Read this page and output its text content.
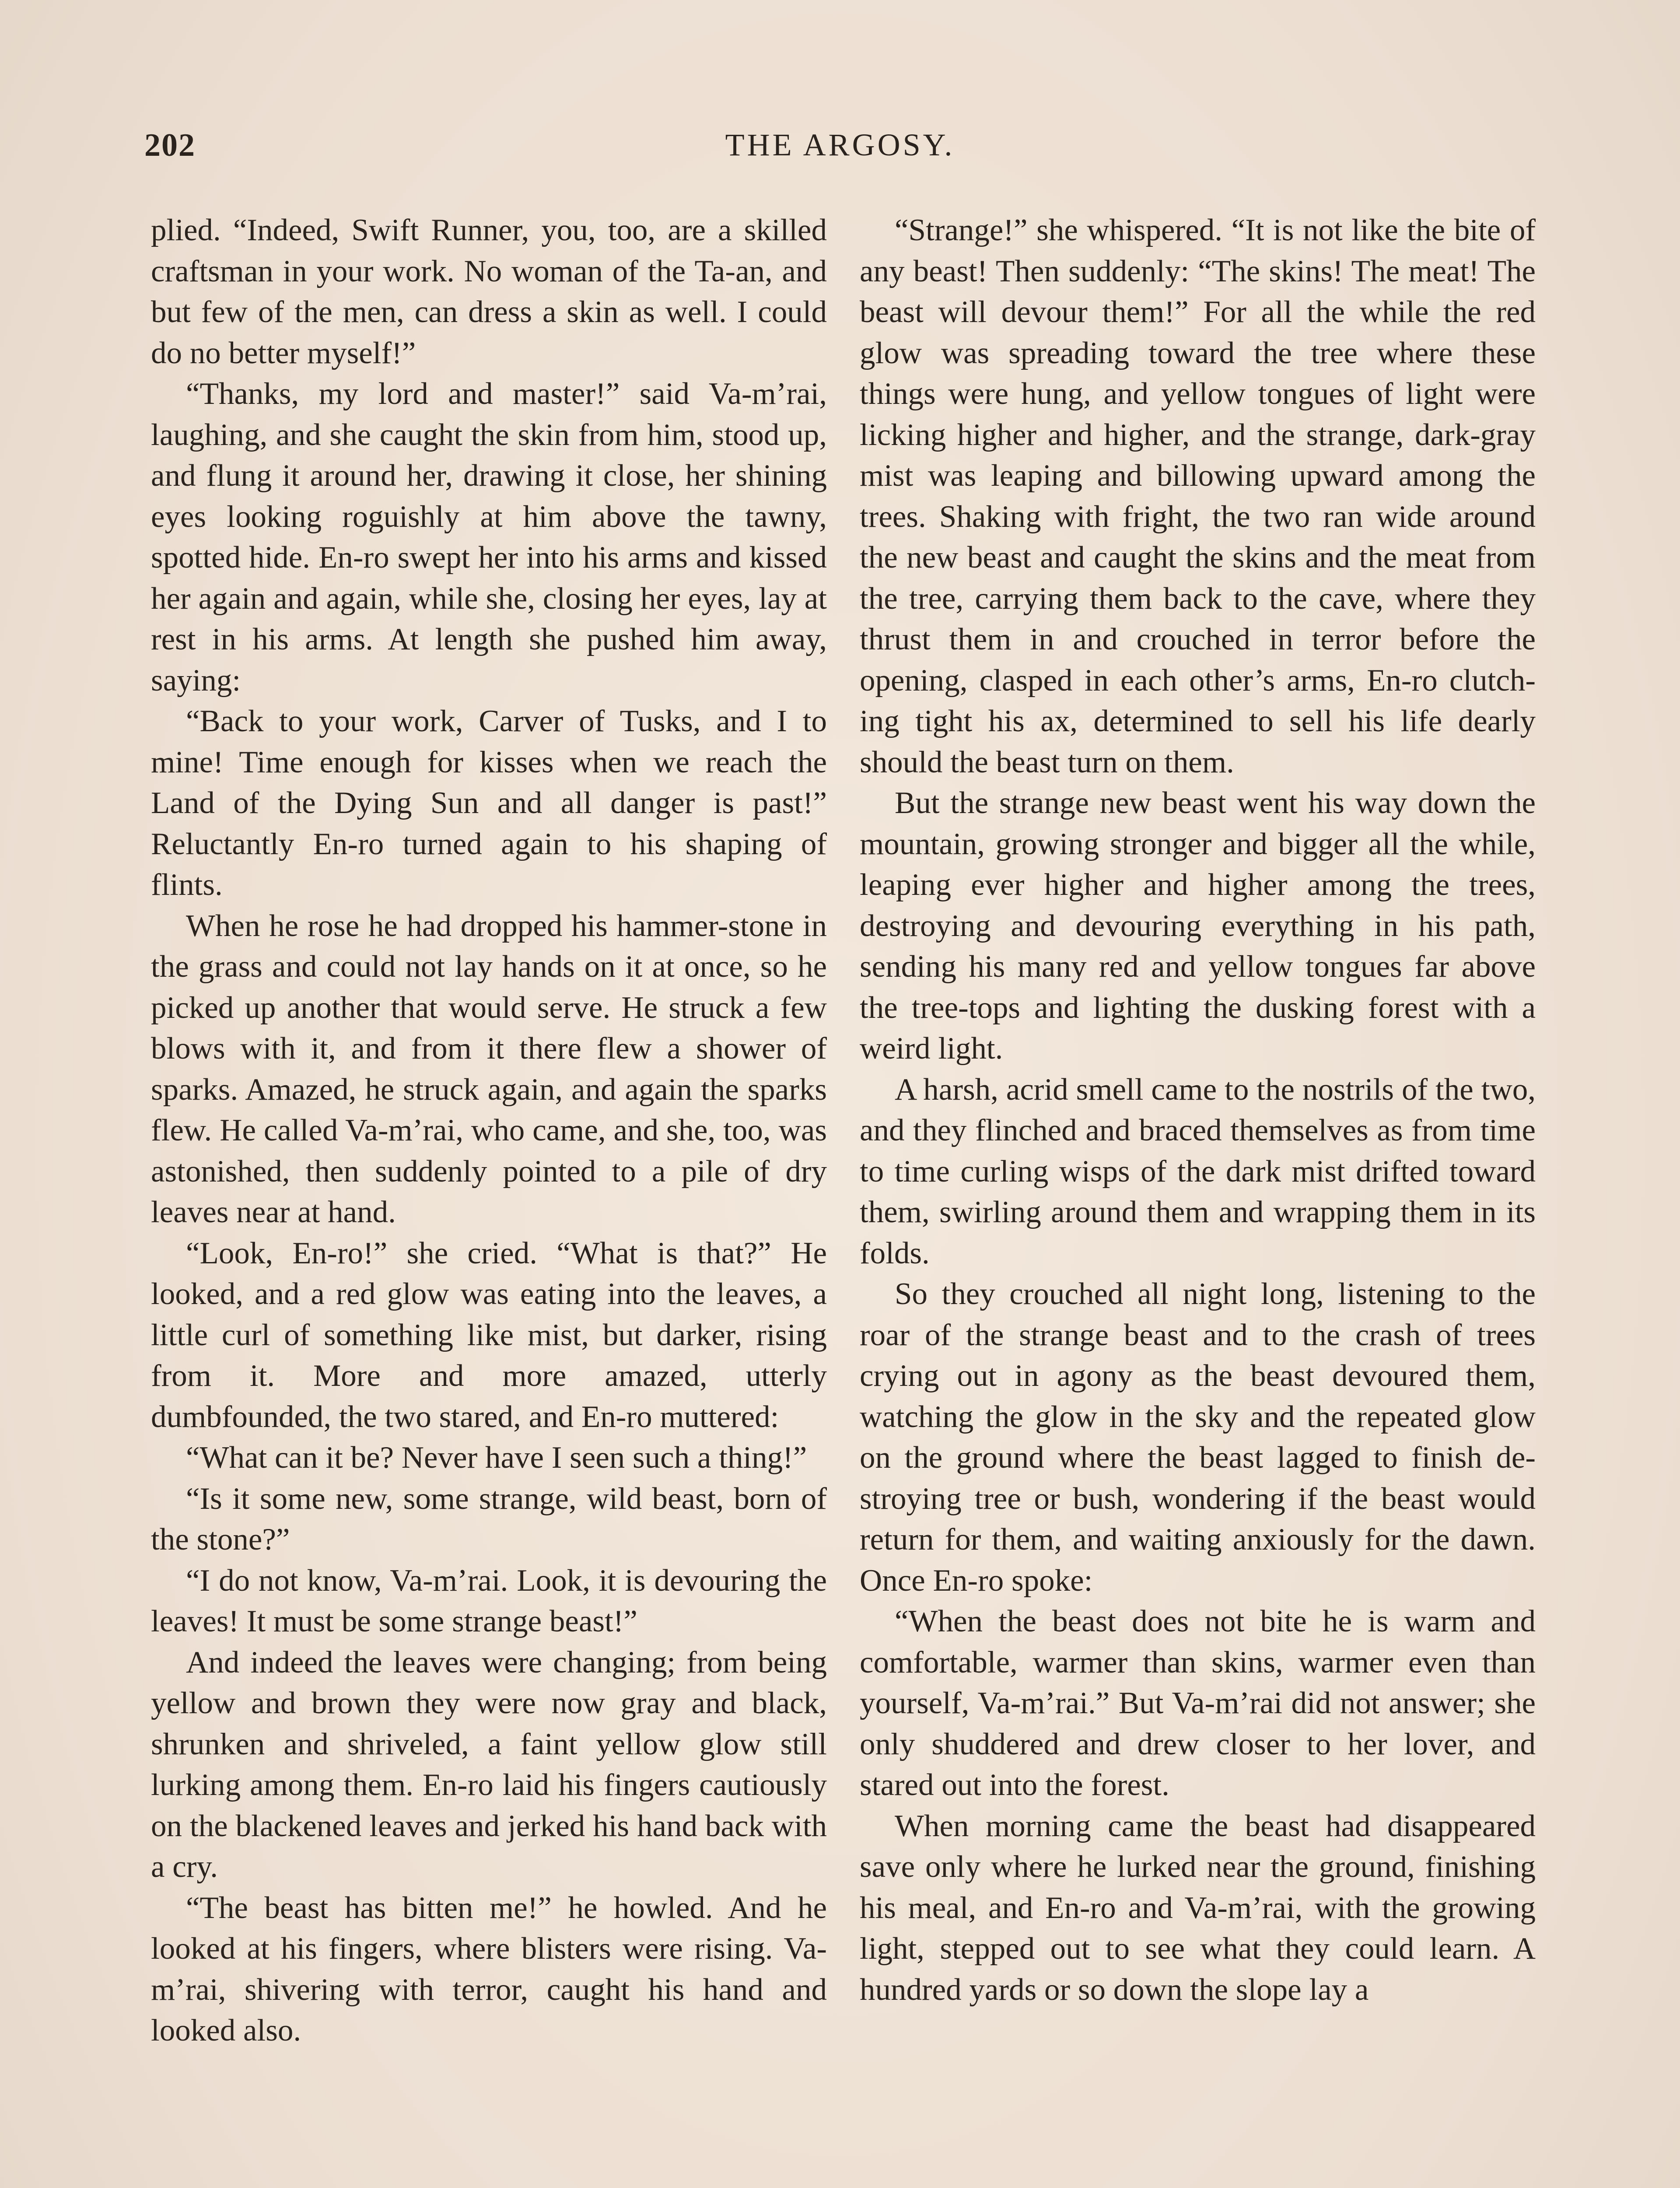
202	THE ARGOSY.

plied. “Indeed, Swift Runner, you, too, are a skilled craftsman in your work. No woman of the Ta-an, and but few of the men, can dress a skin as well. I could do no better myself!”

“Thanks, my lord and master!” said Va-m’rai, laughing, and she caught the skin from him, stood up, and flung it around her, drawing it close, her shining eyes looking roguishly at him above the tawny, spotted hide. En-ro swept her into his arms and kissed her again and again, while she, closing her eyes, lay at rest in his arms. At length she pushed him away, saying:

“Back to your work, Carver of Tusks, and I to mine! Time enough for kisses when we reach the Land of the Dying Sun and all danger is past!” Reluctantly En-ro turned again to his shaping of flints.

When he rose he had dropped his hammer-stone in the grass and could not lay hands on it at once, so he picked up another that would serve. He struck a few blows with it, and from it there flew a shower of sparks. Amazed, he struck again, and again the sparks flew. He called Va-m’rai, who came, and she, too, was astonished, then suddenly pointed to a pile of dry leaves near at hand.

“Look, En-ro!” she cried. “What is that?” He looked, and a red glow was eating into the leaves, a little curl of something like mist, but darker, rising from it. More and more amazed, utterly dumbfounded, the two stared, and En-ro muttered:

“What can it be? Never have I seen such a thing!”

“Is it some new, some strange, wild beast, born of the stone?”

“I do not know, Va-m’rai. Look, it is devouring the leaves! It must be some strange beast!”

And indeed the leaves were changing; from being yellow and brown they were now gray and black, shrunken and shriveled, a faint yellow glow still lurking among them. En-ro laid his fingers cautiously on the blackened leaves and jerked his hand back with a cry.

“The beast has bitten me!” he howled. And he looked at his fingers, where blisters were rising. Va-m’rai, shivering with terror, caught his hand and looked also.

“Strange!” she whispered. “It is not like the bite of any beast! Then suddenly: “The skins! The meat! The beast will devour them!” For all the while the red glow was spreading toward the tree where these things were hung, and yellow tongues of light were licking higher and higher, and the strange, dark-gray mist was leaping and billowing upward among the trees. Shaking with fright, the two ran wide around the new beast and caught the skins and the meat from the tree, carrying them back to the cave, where they thrust them in and crouched in terror before the opening, clasped in each other’s arms, En-ro clutching tight his ax, determined to sell his life dearly should the beast turn on them.

But the strange new beast went his way down the mountain, growing stronger and bigger all the while, leaping ever higher and higher among the trees, destroying and devouring everything in his path, sending his many red and yellow tongues far above the tree-tops and lighting the dusking forest with a weird light.

A harsh, acrid smell came to the nostrils of the two, and they flinched and braced themselves as from time to time curling wisps of the dark mist drifted toward them, swirling around them and wrapping them in its folds.

So they crouched all night long, listening to the roar of the strange beast and to the crash of trees crying out in agony as the beast devoured them, watching the glow in the sky and the repeated glow on the ground where the beast lagged to finish destroying tree or bush, wondering if the beast would return for them, and waiting anxiously for the dawn. Once En-ro spoke:

“When the beast does not bite he is warm and comfortable, warmer than skins, warmer even than yourself, Va-m’rai.” But Va-m’rai did not answer; she only shuddered and drew closer to her lover, and stared out into the forest.

When morning came the beast had disappeared save only where he lurked near the ground, finishing his meal, and En-ro and Va-m’rai, with the growing light, stepped out to see what they could learn. A hundred yards or so down the slope lay a
